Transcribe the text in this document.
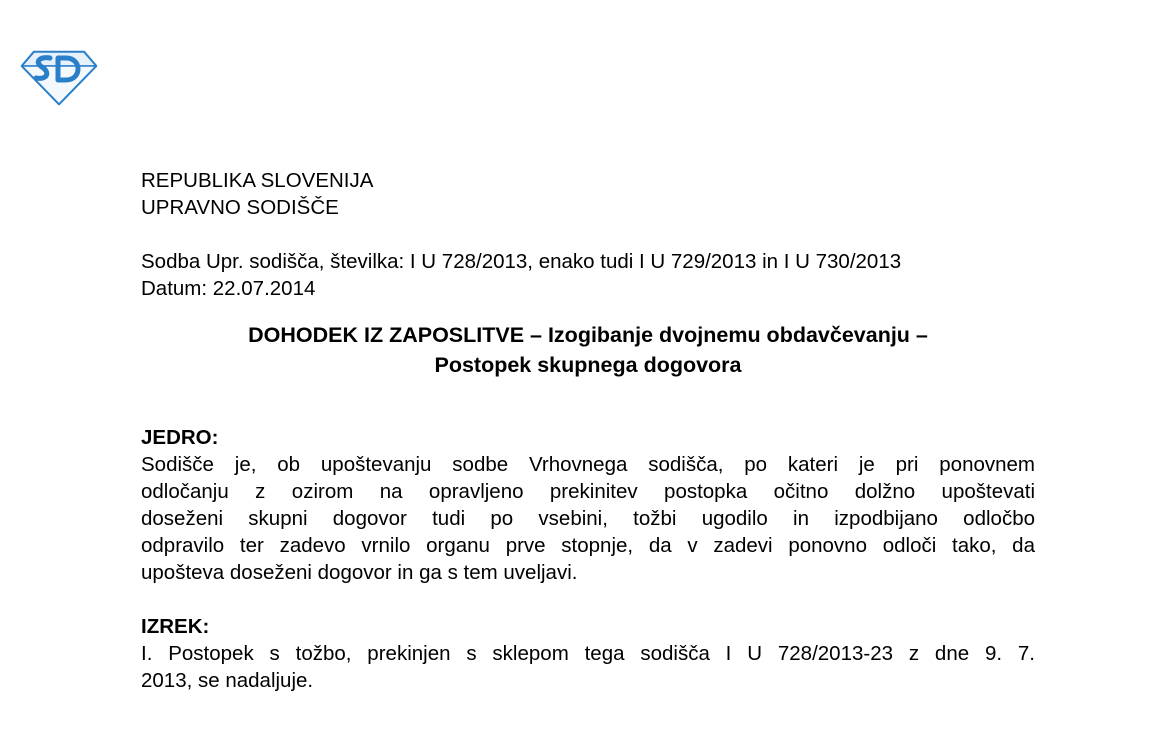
REPUBLIKA SLOVENIJA

UPRAVNO SODIŠČE

Sodba Upr. sodišča, številka: I U 728/2013, enako tudi I U 729/2013 in I U 730/2013

Datum: 22.07.2014

DOHODEK IZ ZAPOSLITVE – Izogibanje dvojnemu obdavčevanju –

Postopek skupnega dogovora

JEDRO:

Sodišče je, ob upoštevanju sodbe Vrhovnega sodišča, po kateri je pri ponovnem
odločanju z ozirom na opravljeno prekinitev postopka očitno dolžno upoštevati
doseženi skupni dogovor tudi po vsebini, tožbi ugodilo in izpodbijano odločbo
odpravilo ter zadevo vrnilo organu prve stopnje, da v zadevi ponovno odloči tako, da
upošteva doseženi dogovor in ga s tem uveljavi.

IZREK:

I. Postopek s tožbo, prekinjen s sklepom tega sodišča I U 728/2013-23 z dne 9. 7.
2013, se nadaljuje.
